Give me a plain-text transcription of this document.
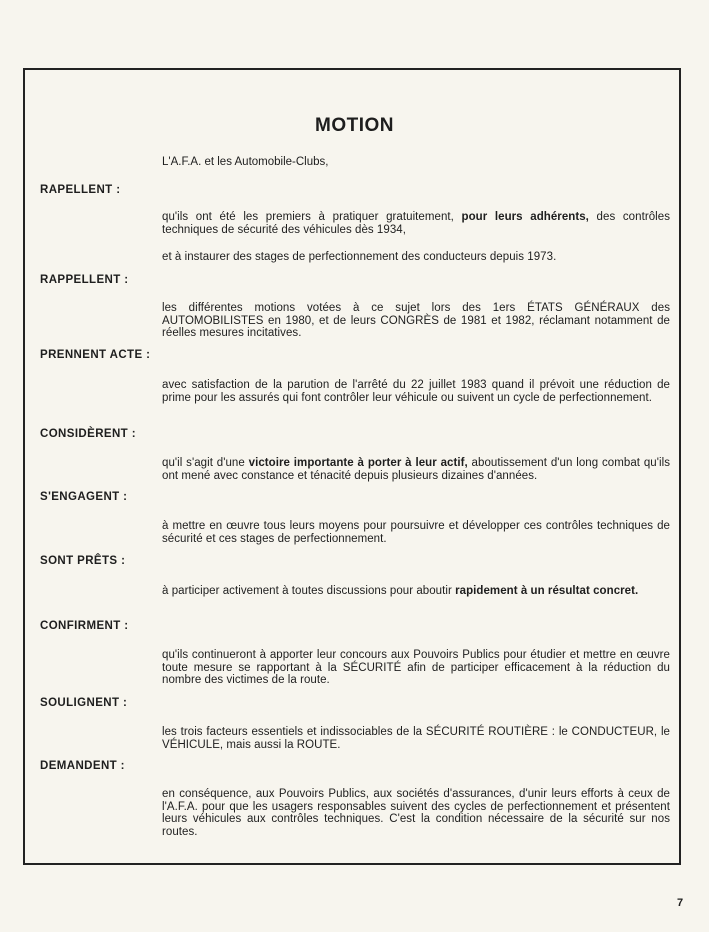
MOTION
L'A.F.A. et les Automobile-Clubs,
RAPELLENT :
qu'ils ont été les premiers à pratiquer gratuitement, pour leurs adhérents, des contrôles techniques de sécurité des véhicules dès 1934,
et à instaurer des stages de perfectionnement des conducteurs depuis 1973.
RAPPELLENT :
les différentes motions votées à ce sujet lors des 1ers ÉTATS GÉNÉRAUX des AUTOMOBILISTES en 1980, et de leurs CONGRÈS de 1981 et 1982, réclamant notamment de réelles mesures incitatives.
PRENNENT ACTE :
avec satisfaction de la parution de l'arrêté du 22 juillet 1983 quand il prévoit une réduction de prime pour les assurés qui font contrôler leur véhicule ou suivent un cycle de perfectionnement.
CONSIDÈRENT :
qu'il s'agit d'une victoire importante à porter à leur actif, aboutissement d'un long combat qu'ils ont mené avec constance et ténacité depuis plusieurs dizaines d'années.
S'ENGAGENT :
à mettre en œuvre tous leurs moyens pour poursuivre et développer ces contrôles techniques de sécurité et ces stages de perfectionnement.
SONT PRÊTS :
à participer activement à toutes discussions pour aboutir rapidement à un résultat concret.
CONFIRMENT :
qu'ils continueront à apporter leur concours aux Pouvoirs Publics pour étudier et mettre en œuvre toute mesure se rapportant à la SÉCURITÉ afin de participer efficacement à la réduction du nombre des victimes de la route.
SOULIGNENT :
les trois facteurs essentiels et indissociables de la SÉCURITÉ ROUTIÈRE : le CONDUCTEUR, le VÉHICULE, mais aussi la ROUTE.
DEMANDENT :
en conséquence, aux Pouvoirs Publics, aux sociétés d'assurances, d'unir leurs efforts à ceux de l'A.F.A. pour que les usagers responsables suivent des cycles de perfectionnement et présentent leurs véhicules aux contrôles techniques. C'est la condition nécessaire de la sécurité sur nos routes.
7
